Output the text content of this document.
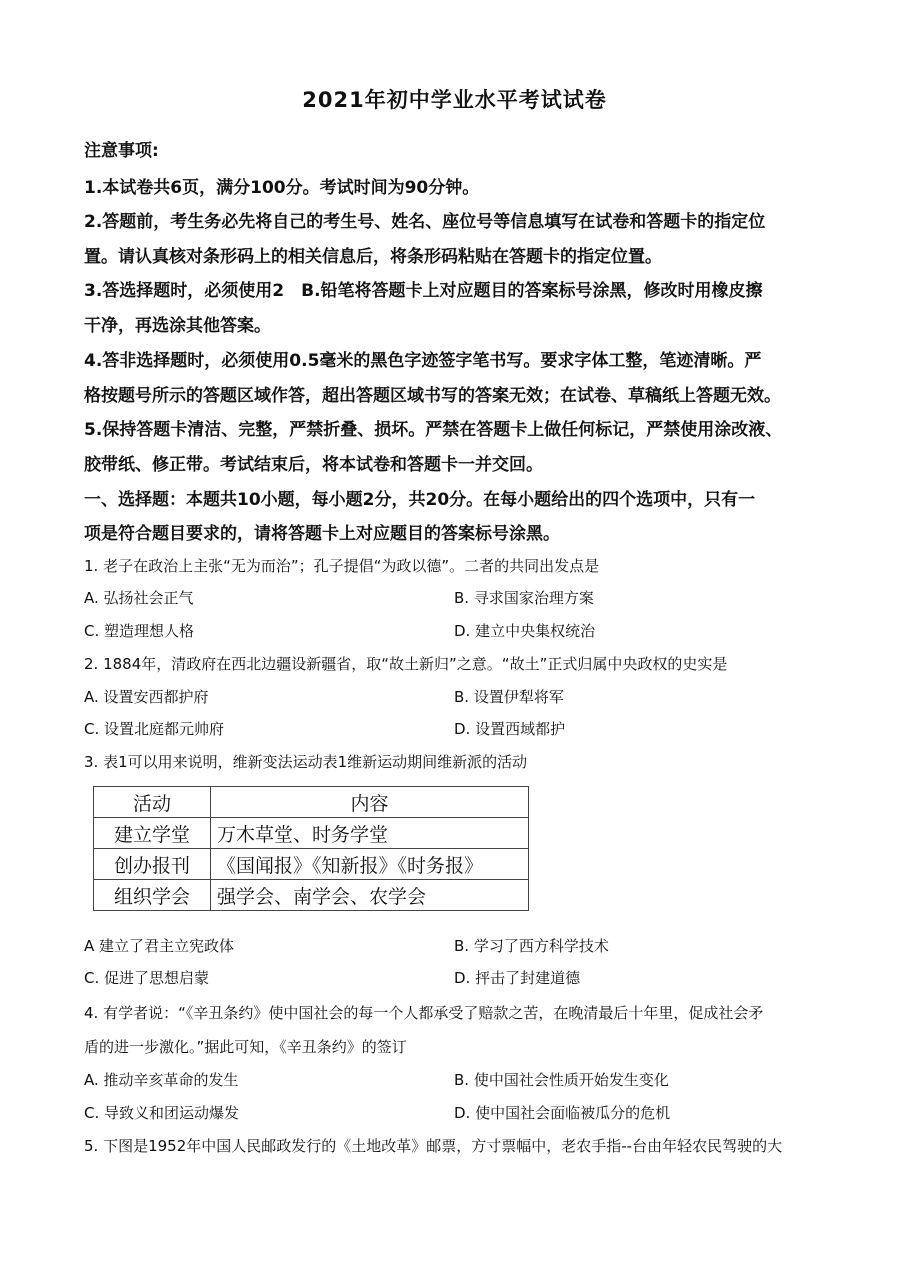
2021年初中学业水平考试试卷
注意事项:
1.本试卷共6页，满分100分。考试时间为90分钟。
2.答题前，考生务必先将自己的考生号、姓名、座位号等信息填写在试卷和答题卡的指定位
置。请认真核对条形码上的相关信息后，将条形码粘贴在答题卡的指定位置。
3.答选择题时，必须使用2　B.铅笔将答题卡上对应题目的答案标号涂黑，修改时用橡皮擦
干净，再选涂其他答案。
4.答非选择题时，必须使用0.5毫米的黑色字迹签字笔书写。要求字体工整，笔迹清晰。严
格按题号所示的答题区域作答，超出答题区域书写的答案无效；在试卷、草稿纸上答题无效。
5.保持答题卡清洁、完整，严禁折叠、损坏。严禁在答题卡上做任何标记，严禁使用涂改液、
胶带纸、修正带。考试结束后，将本试卷和答题卡一并交回。
一、选择题：本题共10小题，每小题2分，共20分。在每小题给出的四个选项中，只有一
项是符合题目要求的，请将答题卡上对应题目的答案标号涂黑。
1. 老子在政治上主张“无为而治”；孔子提倡“为政以德”。二者的共同出发点是
A. 弘扬社会正气	B. 寻求国家治理方案
C. 塑造理想人格	D. 建立中央集权统治
2. 1884年，清政府在西北边疆设新疆省，取“故土新归”之意。“故土”正式归属中央政权的史实是
A. 设置安西都护府	B. 设置伊犁将军
C. 设置北庭都元帅府	D. 设置西域都护
3. 表1可以用来说明，维新变法运动表1维新运动期间维新派的活动
活动	内容
建立学堂	万木草堂、时务学堂
创办报刊	《国闻报》《知新报》《时务报》
组织学会	强学会、南学会、农学会
A 建立了君主立宪政体	B. 学习了西方科学技术
C. 促进了思想启蒙	D. 抨击了封建道德
4. 有学者说：“《辛丑条约》使中国社会的每一个人都承受了赔款之苦，在晚清最后十年里，促成社会矛
盾的进一步激化。”据此可知，《辛丑条约》的签订
A. 推动辛亥革命的发生	B. 使中国社会性质开始发生变化
C. 导致义和团运动爆发	D. 使中国社会面临被瓜分的危机
5. 下图是1952年中国人民邮政发行的《土地改革》邮票，方寸票幅中，老农手指--台由年轻农民驾驶的大
